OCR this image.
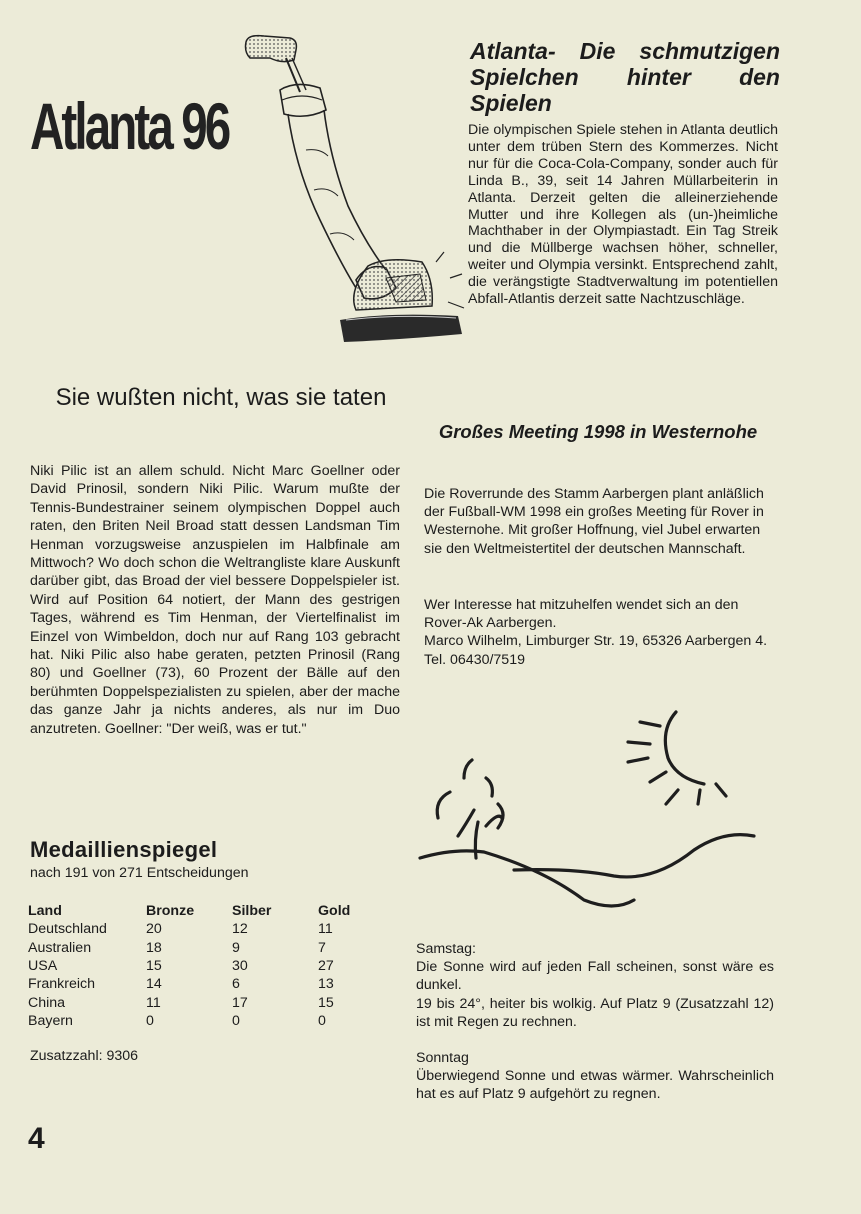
Atlanta 96
Atlanta- Die schmutzigen Spielchen hinter den Spielen

Die olympischen Spiele stehen in Atlanta deutlich unter dem trüben Stern des Kommerzes. Nicht nur für die Coca-Cola-Company, sonder auch für Linda B., 39, seit 14 Jahren Müllarbeiterin in Atlanta. Derzeit gelten die alleinerziehende Mutter und ihre Kollegen als (un-)heimliche Machthaber in der Olympiastadt. Ein Tag Streik und die Müllberge wachsen höher, schneller, weiter und Olympia versinkt. Entsprechend zahlt, die verängstigte Stadtverwaltung im potentiellen Abfall-Atlantis derzeit satte Nachtzuschläge.

Sie wußten nicht, was sie taten

Niki Pilic ist an allem schuld. Nicht Marc Goellner oder David Prinosil, sondern Niki Pilic. Warum mußte der Tennis-Bundestrainer seinem olympischen Doppel auch raten, den Briten Neil Broad statt dessen Landsman Tim Henman vorzugsweise anzuspielen im Halbfinale am Mittwoch? Wo doch schon die Weltrangliste klare Auskunft darüber gibt, das Broad der viel bessere Doppelspieler ist. Wird auf Position 64 notiert, der Mann des gestrigen Tages, während es Tim Henman, der Viertelfinalist im Einzel von Wimbeldon, doch nur auf Rang 103 gebracht hat. Niki Pilic also habe geraten, petzten Prinosil (Rang 80) und Goellner (73), 60 Prozent der Bälle auf den berühmten Doppelspezialisten zu spielen, aber der mache das ganze Jahr ja nichts anderes, als nur im Duo anzutreten. Goellner: "Der weiß, was er tut."

Großes Meeting 1998 in Westernohe

Die Roverrunde des Stamm Aarbergen plant anläßlich der Fußball-WM 1998 ein großes Meeting für Rover in Westernohe. Mit großer Hoffnung, viel Jubel erwarten sie den Weltmeistertitel der deutschen Mannschaft.

Wer Interesse hat mitzuhelfen wendet sich an den Rover-Ak Aarbergen.

Marco Wilhelm, Limburger Str. 19, 65326 Aarbergen 4.

Tel. 06430/7519

Medaillienspiegel
nach 191 von 271 Entscheidungen
Land	Bronze	Silber	Gold
Deutschland	20	12	11
Australien	18	9	7
USA	15	30	27
Frankreich	14	6	13
China	11	17	15
Bayern	0	0	0
Zusatzzahl: 9306

Samstag:

Die Sonne wird auf jeden Fall scheinen, sonst wäre es dunkel.

19 bis 24°, heiter bis wolkig. Auf Platz 9 (Zusatzzahl 12) ist mit Regen zu rechnen.

Sonntag

Überwiegend Sonne und etwas wärmer. Wahrscheinlich hat es auf Platz 9 aufgehört zu regnen.

4
